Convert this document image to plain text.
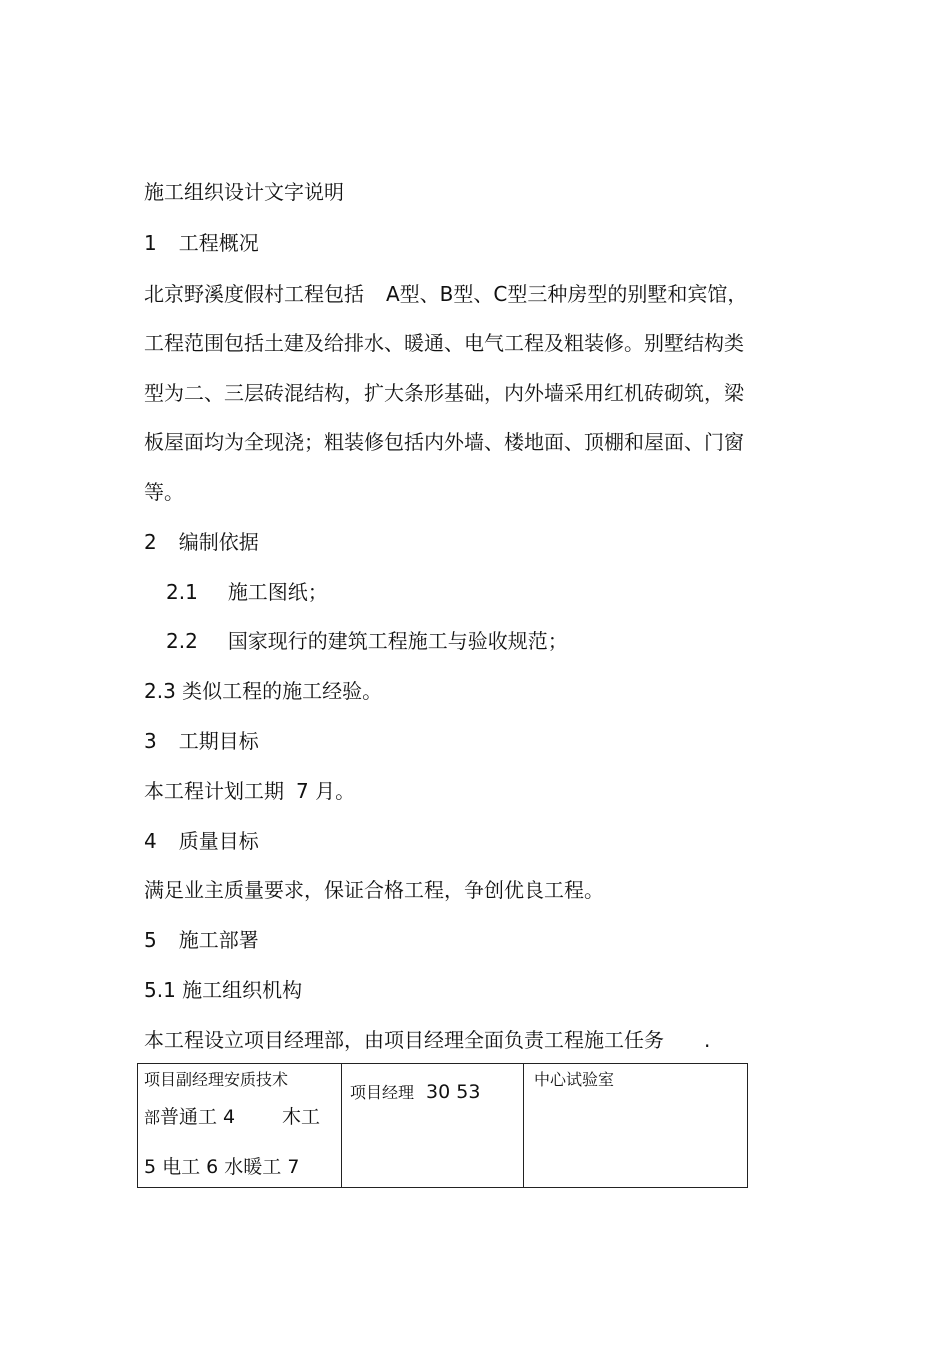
施工组织设计文字说明
1 工程概况
北京野溪度假村工程包括 A型、B型、C型三种房型的别墅和宾馆，
工程范围包括土建及给排水、暖通、电气工程及粗装修。别墅结构类
型为二、三层砖混结构，扩大条形基础，内外墙采用红机砖砌筑，梁
板屋面均为全现浇；粗装修包括内外墙、楼地面、顶棚和屋面、门窗
等。
2 编制依据
2.1 施工图纸；
2.2 国家现行的建筑工程施工与验收规范；
2.3 类似工程的施工经验。
3 工期目标
本工程计划工期 7 月。
4 质量目标
满足业主质量要求，保证合格工程，争创优良工程。
5 施工部署
5.1 施工组织机构
本工程设立项目经理部，由项目经理全面负责工程施工任务 .
项目副经理安质技术
部普通工 4 木工
5 电工 6 水暖工 7
项目经理 30 53
中心试验室
